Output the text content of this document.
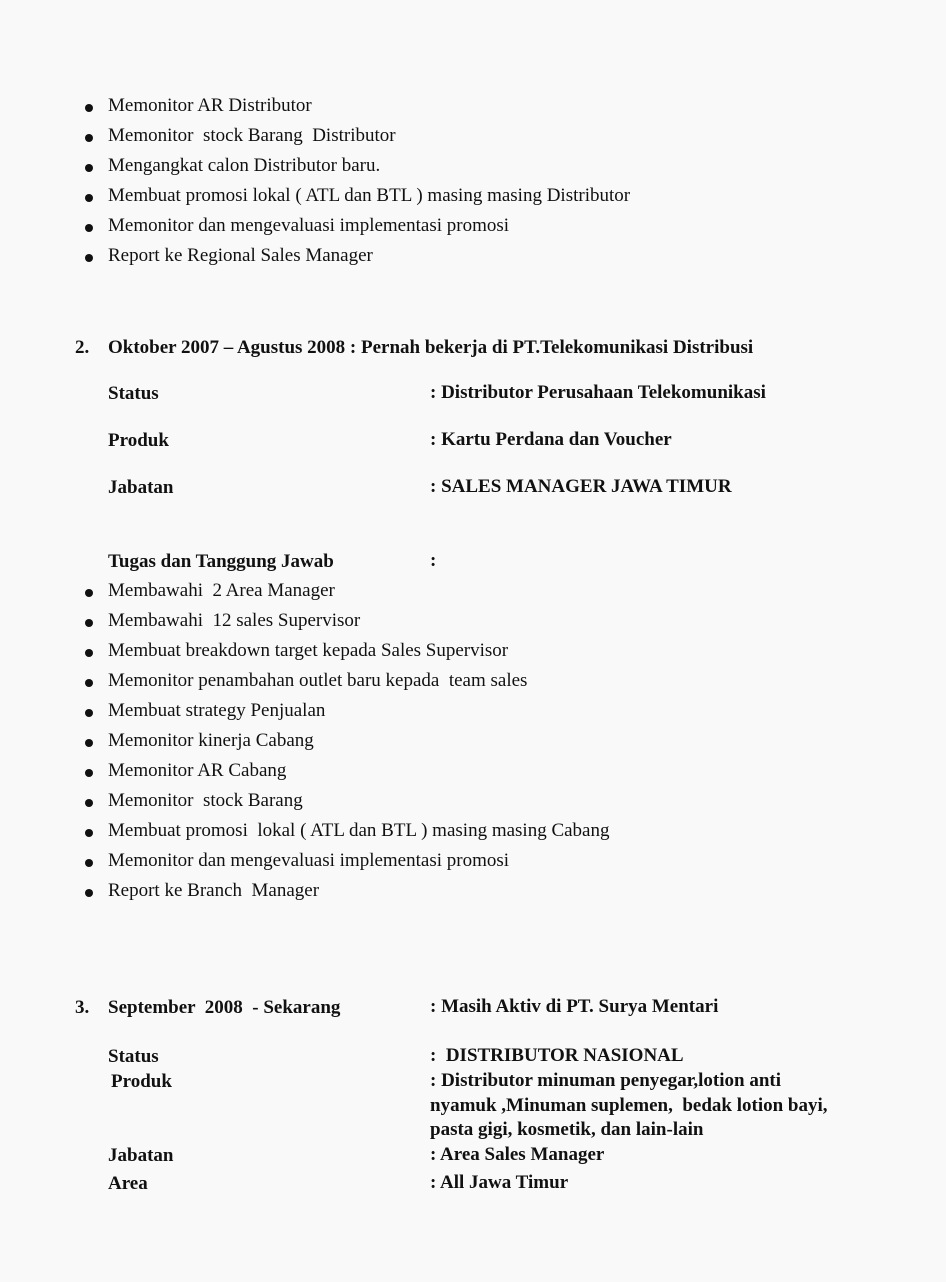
Memonitor AR Distributor
Memonitor  stock Barang  Distributor
Mengangkat calon Distributor baru.
Membuat promosi lokal ( ATL dan BTL ) masing masing Distributor
Memonitor dan mengevaluasi implementasi promosi
Report ke Regional Sales Manager
2. Oktober 2007 – Agustus 2008 : Pernah bekerja di PT.Telekomunikasi Distribusi
Status	: Distributor Perusahaan Telekomunikasi
Produk	: Kartu Perdana dan Voucher
Jabatan	: SALES MANAGER JAWA TIMUR
Tugas dan Tanggung Jawab	:
Membawahi  2 Area Manager
Membawahi  12 sales Supervisor
Membuat breakdown target kepada Sales Supervisor
Memonitor penambahan outlet baru kepada  team sales
Membuat strategy Penjualan
Memonitor kinerja Cabang
Memonitor AR Cabang
Memonitor  stock Barang
Membuat promosi  lokal ( ATL dan BTL ) masing masing Cabang
Memonitor dan mengevaluasi implementasi promosi
Report ke Branch  Manager
3. September  2008  - Sekarang	: Masih Aktiv di PT. Surya Mentari
Status	:  DISTRIBUTOR NASIONAL
Produk	: Distributor minuman penyegar,lotion anti
nyamuk ,Minuman suplemen,  bedak lotion bayi,
pasta gigi, kosmetik, dan lain-lain
Jabatan	: Area Sales Manager
Area	: All Jawa Timur
